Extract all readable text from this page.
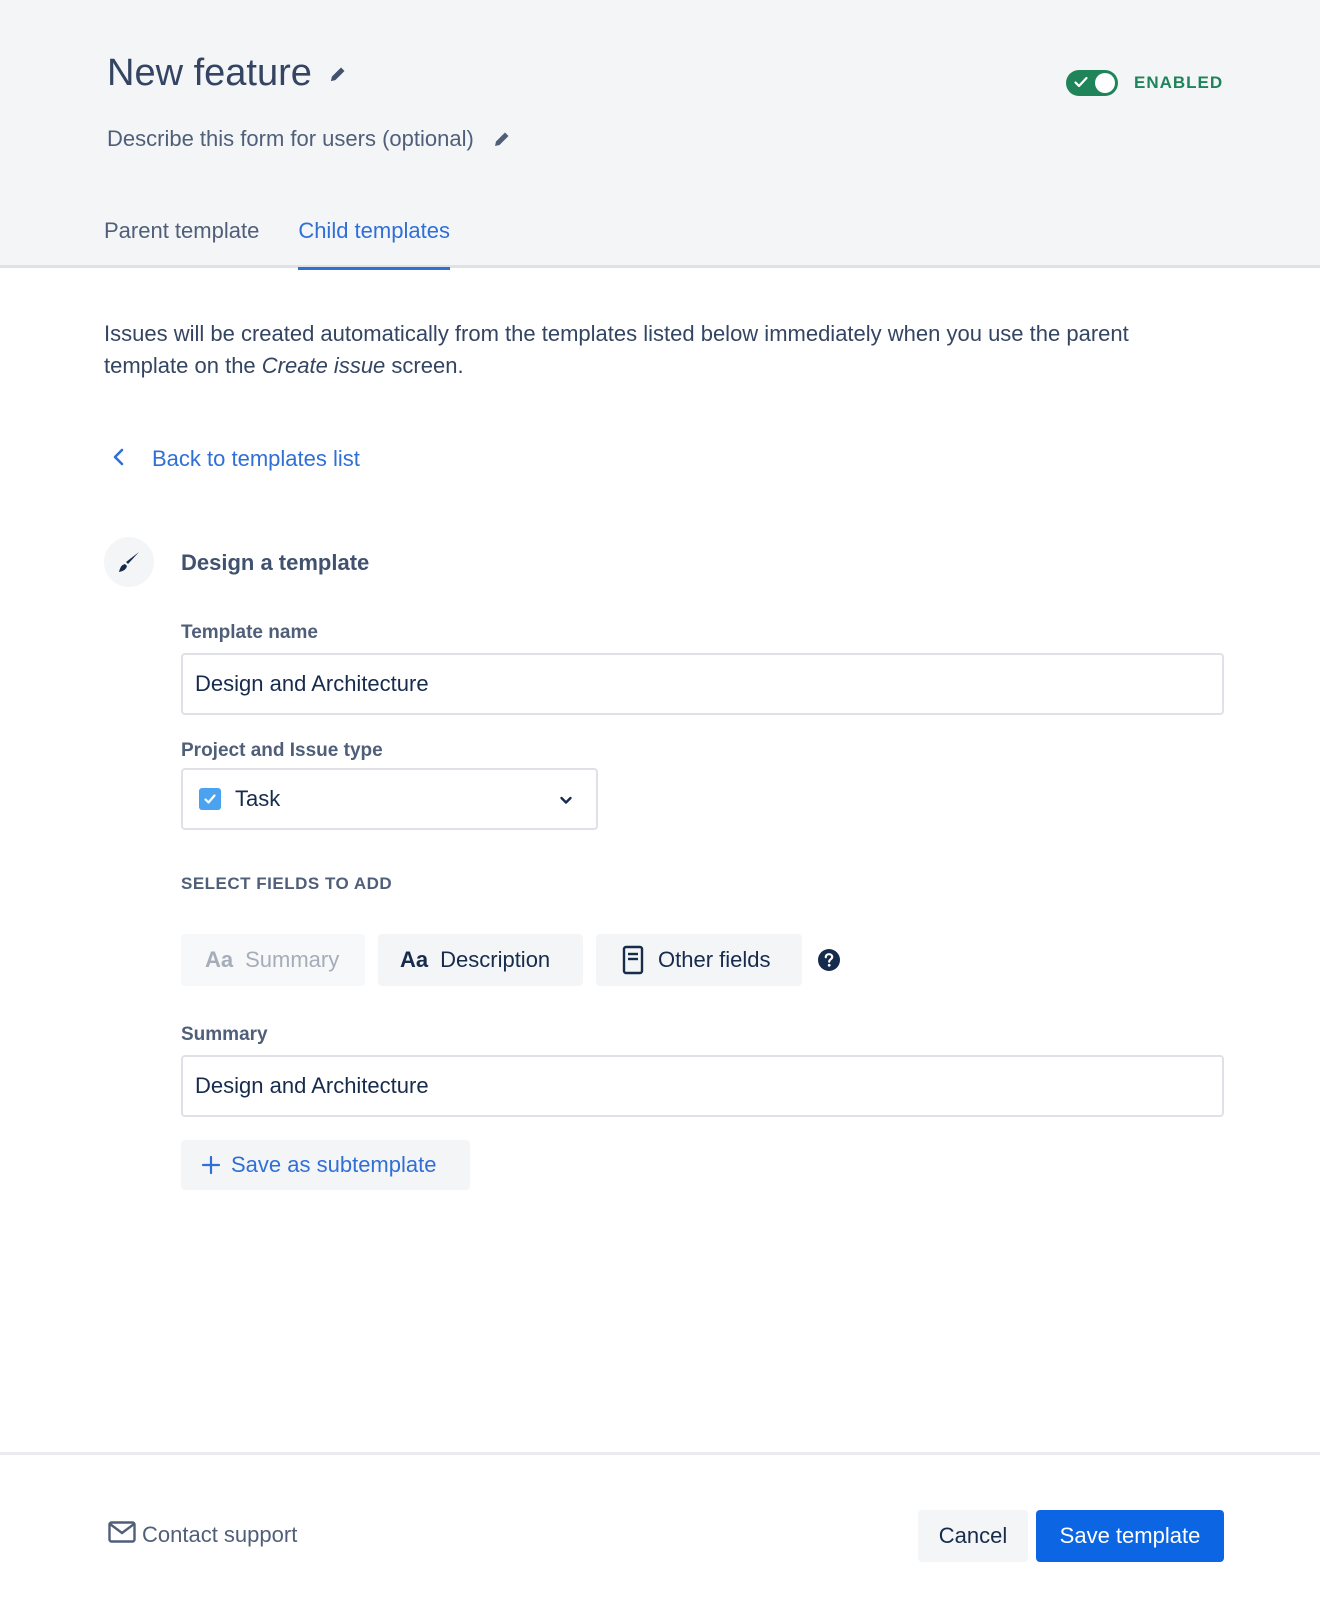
New feature
Describe this form for users (optional)
ENABLED
Parent template Child templates

Issues will be created automatically from the templates listed below immediately when you use the parent template on the Create issue screen.

Back to templates list
Design a template
Template name
Design and Architecture
Project and Issue type
Task
SELECT FIELDS TO ADD
Aa Summary	Aa Description	Other fields
Summary
Design and Architecture
Save as subtemplate
Contact support	Cancel	Save template
